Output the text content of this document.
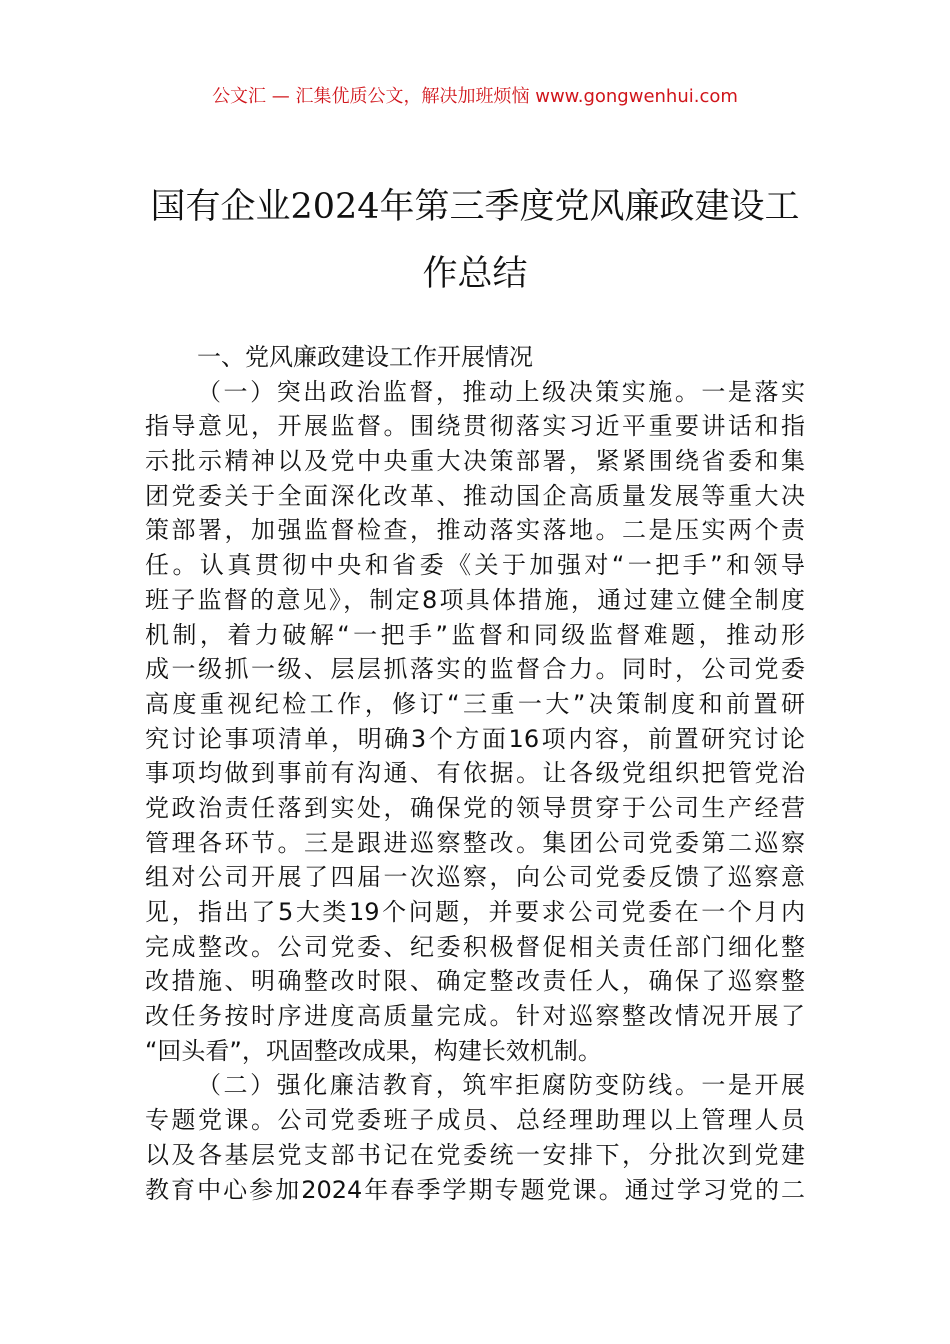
公文汇 — 汇集优质公文，解决加班烦恼 www.gongwenhui.com
国有企业2024年第三季度党风廉政建设工
作总结
一、党风廉政建设工作开展情况
（一）突出政治监督，推动上级决策实施。一是落实
指导意见，开展监督。围绕贯彻落实习近平重要讲话和指
示批示精神以及党中央重大决策部署，紧紧围绕省委和集
团党委关于全面深化改革、推动国企高质量发展等重大决
策部署，加强监督检查，推动落实落地。二是压实两个责
任。认真贯彻中央和省委《关于加强对“一把手”和领导
班子监督的意见》，制定8项具体措施，通过建立健全制度
机制，着力破解“一把手”监督和同级监督难题，推动形
成一级抓一级、层层抓落实的监督合力。同时，公司党委
高度重视纪检工作，修订“三重一大”决策制度和前置研
究讨论事项清单，明确3个方面16项内容，前置研究讨论
事项均做到事前有沟通、有依据。让各级党组织把管党治
党政治责任落到实处，确保党的领导贯穿于公司生产经营
管理各环节。三是跟进巡察整改。集团公司党委第二巡察
组对公司开展了四届一次巡察，向公司党委反馈了巡察意
见，指出了5大类19个问题，并要求公司党委在一个月内
完成整改。公司党委、纪委积极督促相关责任部门细化整
改措施、明确整改时限、确定整改责任人，确保了巡察整
改任务按时序进度高质量完成。针对巡察整改情况开展了
“回头看”，巩固整改成果，构建长效机制。
（二）强化廉洁教育，筑牢拒腐防变防线。一是开展
专题党课。公司党委班子成员、总经理助理以上管理人员
以及各基层党支部书记在党委统一安排下，分批次到党建
教育中心参加2024年春季学期专题党课。通过学习党的二
